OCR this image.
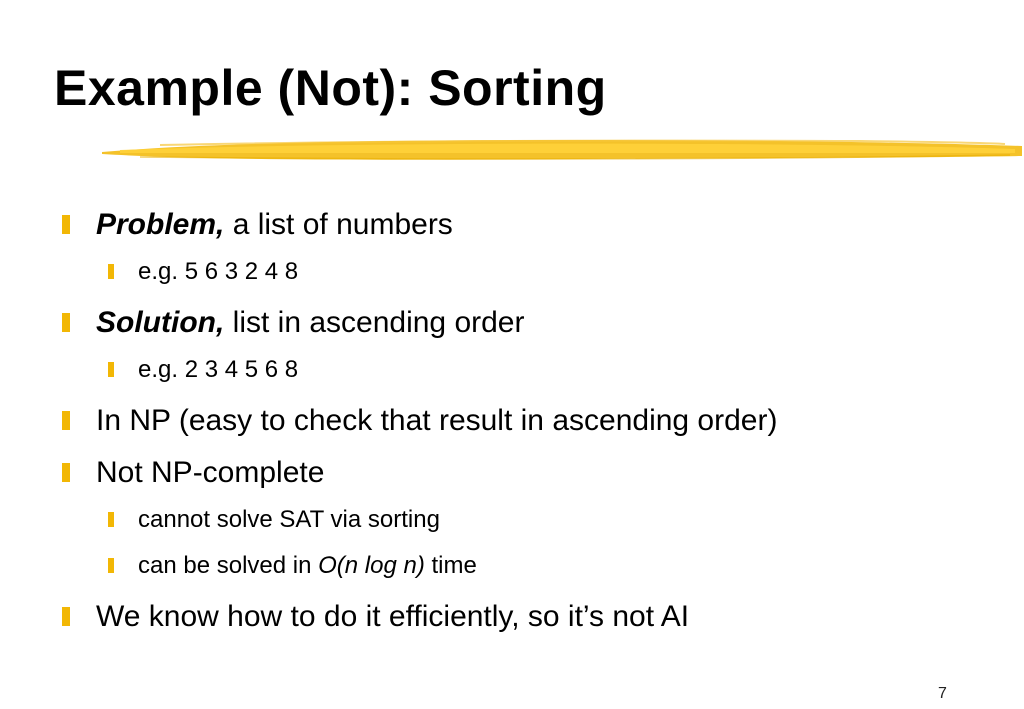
Example (Not): Sorting
Problem, a list of numbers
e.g. 5 6 3 2 4 8
Solution, list in ascending order
e.g. 2 3 4 5 6 8
In NP (easy to check that result in ascending order)
Not NP-complete
cannot solve SAT via sorting
can be solved in O(n log n) time
We know how to do it efficiently, so it’s not AI
7
